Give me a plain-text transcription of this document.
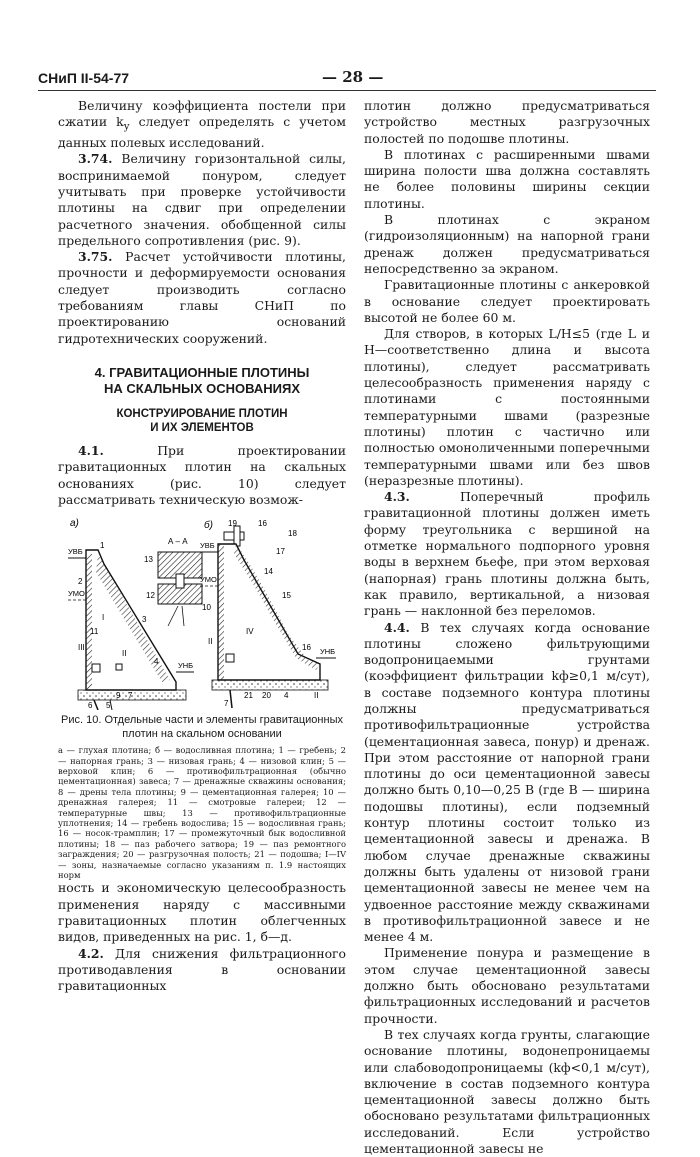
СНиП II-54-77	— 28 —

Величину коэффициента постели при сжатии $k_y$ следует определять с учетом данных полевых исследований.

3.74. Величину горизонтальной силы, воспринимаемой понуром, следует учитывать при проверке устойчивости плотины на сдвиг при определении расчетного значения. обобщенной силы предельного сопротивления (рис. 9).

3.75. Расчет устойчивости плотины, прочности и деформируемости основания следует производить согласно требованиям главы СНиП по проектированию оснований гидротехнических сооружений.

4. ГРАВИТАЦИОННЫЕ ПЛОТИНЫ
НА СКАЛЬНЫХ ОСНОВАНИЯХ
КОНСТРУИРОВАНИЕ ПЛОТИН
И ИХ ЭЛЕМЕНТОВ

4.1. При проектировании гравитационных плотин на скальных основаниях (рис. 10) следует рассматривать техническую возмож-

а)
УВБ
УМО
УНБ
1
2
3
4
11
III
I
II
6 5
9 7
А – А
13
12
б)
УВБ
УМО
УНБ
19	16
18
17
14
15
10
IV
II
16
7
21 20 4	II
Рис. 10. Отдельные части и элементы гравитационных
плотин на скальном основании

а — глухая плотина; б — водосливная плотина; 1 — гребень; 2 — напорная грань; 3 — низовая грань; 4 — низовой клин; 5 — верховой клин; 6 — противофильтрационная (обычно цементационная) завеса; 7 — дренажные скважины основания; 8 — дрены тела плотины; 9 — цементационная галерея; 10 — дренажная галерея; 11 — смотровые галереи; 12 — температурные швы; 13 — противофильтрационные уплотнения; 14 — гребень водослива; 15 — водосливная грань; 16 — носок-трамплин; 17 — промежуточный бык водосливной плотины; 18 — паз рабочего затвора; 19 — паз ремонтного заграждения; 20 — разгрузочная полость; 21 — подошва; I—IV — зоны, назначаемые согласно указаниям п. 1.9 настоящих норм

ность и экономическую целесообразность применения наряду с массивными гравитационных плотин облегченных видов, приведенных на рис. 1, б—д.

4.2. Для снижения фильтрационного противодавления в основании гравитационных

плотин должно предусматриваться устройство местных разгрузочных полостей по подошве плотины.

В плотинах с расширенными швами ширина полости шва должна составлять не более половины ширины секции плотины.

В плотинах с экраном (гидроизоляционным) на напорной грани дренаж должен предусматриваться непосредственно за экраном.

Гравитационные плотины с анкеровкой в основание следует проектировать высотой не более 60 м.

Для створов, в которых L/H≤5 (где L и H—соответственно длина и высота плотины), следует рассматривать целесообразность применения наряду с плотинами с постоянными температурными швами (разрезные плотины) плотин с частично или полностью омоноличенными поперечными температурными швами или без швов (неразрезные плотины).

4.3. Поперечный профиль гравитационной плотины должен иметь форму треугольника с вершиной на отметке нормального подпорного уровня воды в верхнем бьефе, при этом верховая (напорная) грань плотины должна быть, как правило, вертикальной, а низовая грань — наклонной без переломов.

4.4. В тех случаях когда основание плотины сложено фильтрующими водопроницаемыми грунтами (коэффициент фильтрации kф≥0,1 м/сут), в составе подземного контура плотины должны предусматриваться противофильтрационные устройства (цементационная завеса, понур) и дренаж. При этом расстояние от напорной грани плотины до оси цементационной завесы должно быть 0,10—0,25 B (где B — ширина подошвы плотины), если подземный контур плотины состоит только из цементационной завесы и дренажа. В любом случае дренажные скважины должны быть удалены от низовой грани цементационной завесы не менее чем на удвоенное расстояние между скважинами в противофильтрационной завесе и не менее 4 м.

Применение понура и размещение в этом случае цементационной завесы должно быть обосновано результатами фильтрационных исследований и расчетов прочности.

В тех случаях когда грунты, слагающие основание плотины, водонепроницаемы или слабоводопроницаемы (kф<0,1 м/сут), включение в состав подземного контура цементационной завесы должно быть обосновано результатами фильтрационных исследований. Если устройство цементационной завесы не
